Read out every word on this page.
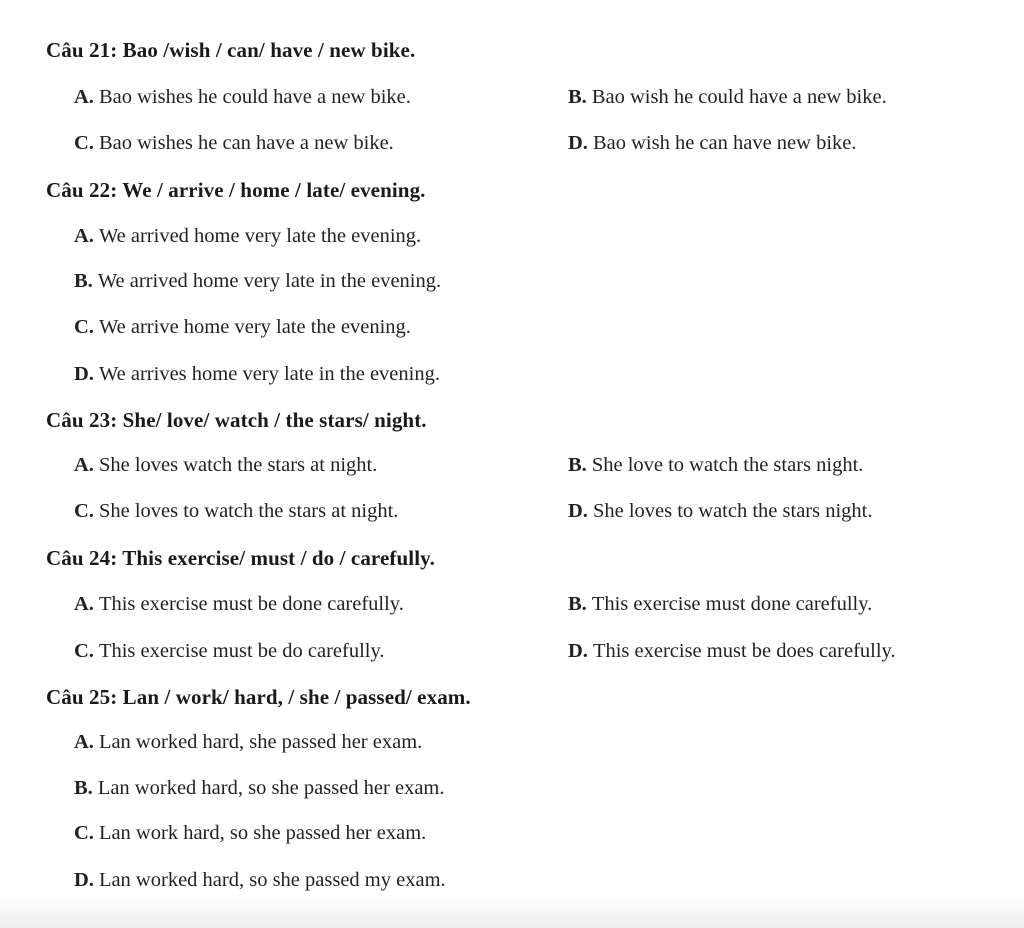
Câu 21: Bao /wish / can/ have / new bike.
A. Bao wishes he could have a new bike.	B. Bao wish he could have a new bike.
C. Bao wishes he can have a new bike.	D. Bao wish he can have new bike.
Câu 22: We / arrive / home / late/ evening.
A. We arrived home very late the evening.
B. We arrived home very late in the evening.
C. We arrive home very late the evening.
D. We arrives home very late in the evening.
Câu 23: She/ love/ watch / the stars/ night.
A. She loves watch the stars at night.	B. She love to watch the stars night.
C. She loves to watch the stars at night.	D. She loves to watch the stars night.
Câu 24: This exercise/ must / do / carefully.
A. This exercise must be done carefully.	B. This exercise must done carefully.
C. This exercise must be do carefully.	D. This exercise must be does carefully.
Câu 25: Lan / work/ hard, / she / passed/ exam.
A. Lan worked hard, she passed her exam.
B. Lan worked hard, so she passed her exam.
C. Lan work hard, so she passed her exam.
D. Lan worked hard, so she passed my exam.
